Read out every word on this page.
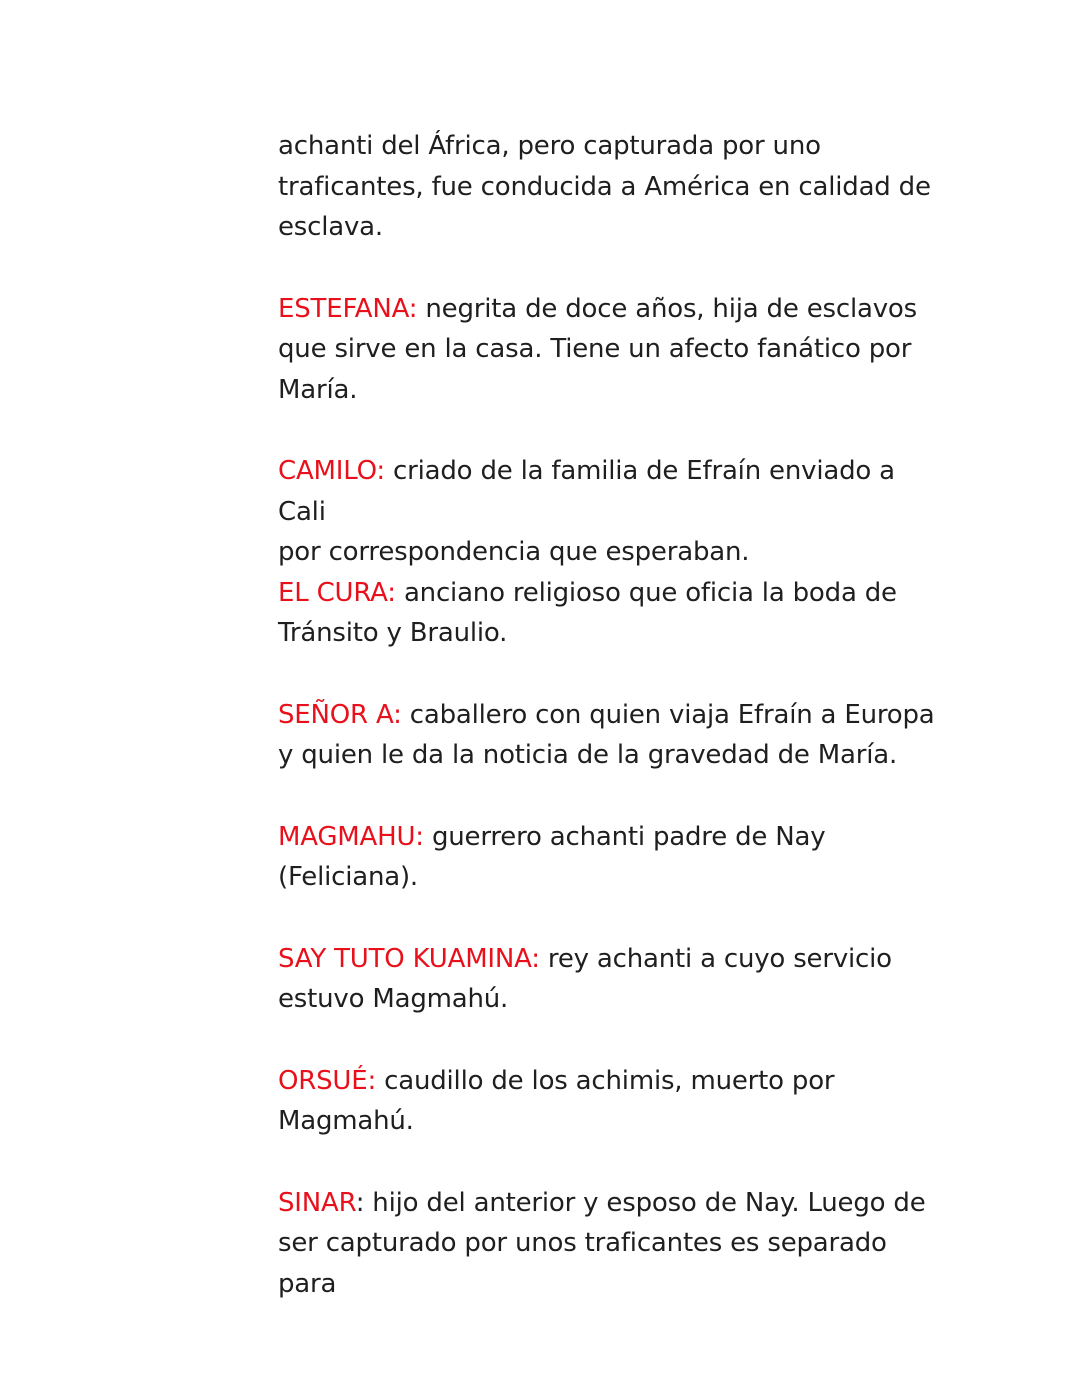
achanti del África, pero capturada por uno
traficantes, fue conducida a América en calidad de
esclava.

ESTEFANA: negrita de doce años, hija de esclavos
que sirve en la casa. Tiene un afecto fanático por
María.

CAMILO: criado de la familia de Efraín enviado a Cali
por correspondencia que esperaban.

EL CURA: anciano religioso que oficia la boda de
Tránsito y Braulio.

SEÑOR A: caballero con quien viaja Efraín a Europa
y quien le da la noticia de la gravedad de María.

MAGMAHU: guerrero achanti padre de Nay
(Feliciana).

SAY TUTO KUAMINA: rey achanti a cuyo servicio
estuvo Magmahú.

ORSUÉ: caudillo de los achimis, muerto por
Magmahú.

SINAR: hijo del anterior y esposo de Nay. Luego de
ser capturado por unos traficantes es separado para
